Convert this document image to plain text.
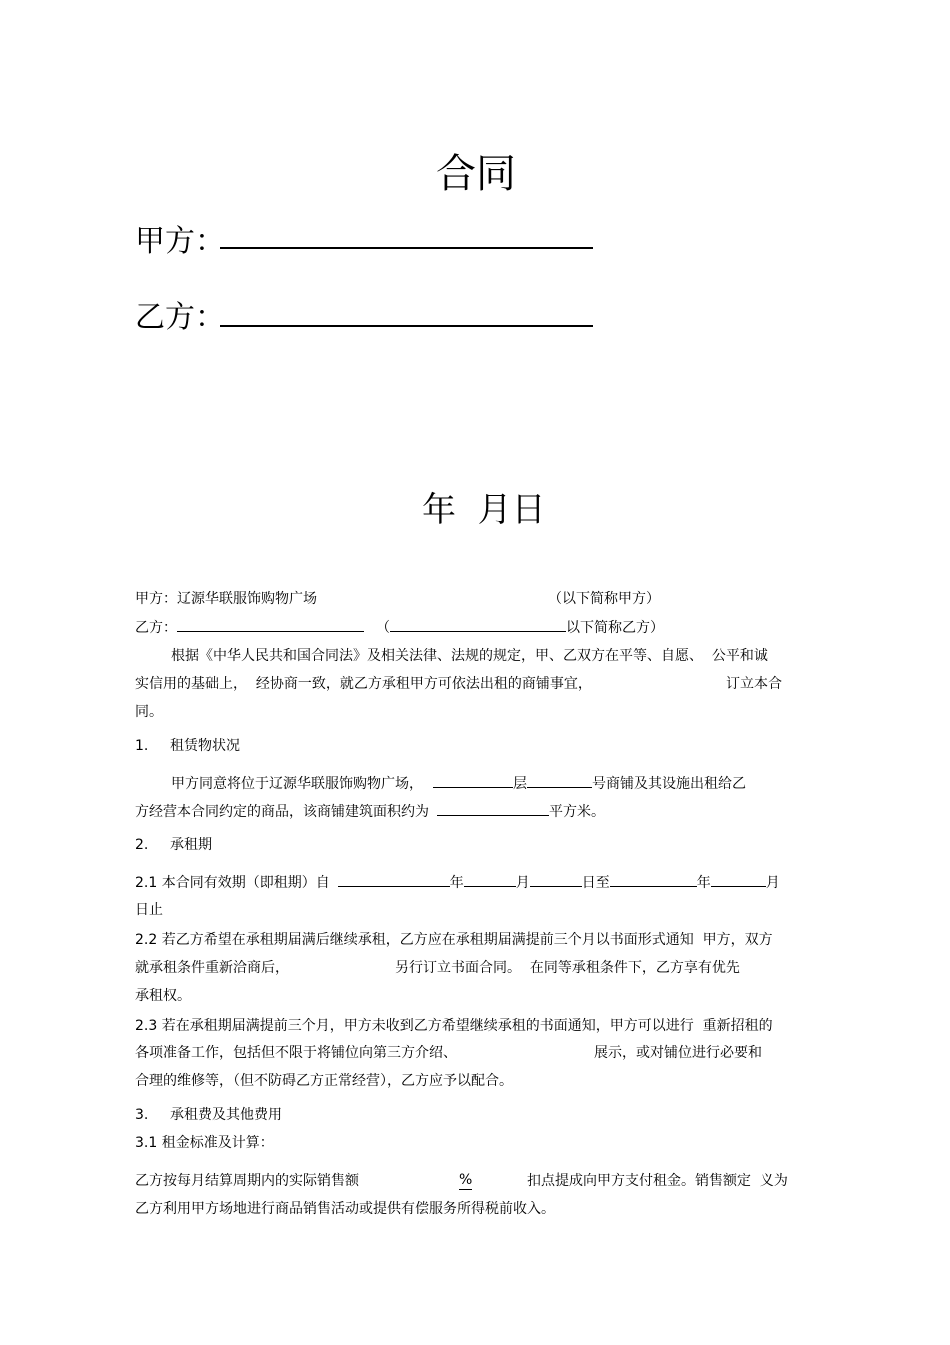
合同
甲方：
乙方：
年  月日
甲方：辽源华联服饰购物广场	（以下简称甲方）
乙方：	（	以下简称乙方）
根据《中华人民共和国合同法》及相关法律、法规的规定，甲、乙双方在平等、自愿、  公平和诚
实信用的基础上，  经协商一致，就乙方承租甲方可依法出租的商铺事宜，	订立本合
同。
1. 租赁物状况
甲方同意将位于辽源华联服饰购物广场，	层	号商铺及其设施出租给乙
方经营本合同约定的商品，该商铺建筑面积约为	平方米。
2. 承租期
2.1 本合同有效期（即租期）自	年	月	日至	年	月
日止
2.2 若乙方希望在承租期届满后继续承租，乙方应在承租期届满提前三个月以书面形式通知  甲方，双方
就承租条件重新洽商后，	另行订立书面合同。  在同等承租条件下，乙方享有优先
承租权。
2.3 若在承租期届满提前三个月，甲方未收到乙方希望继续承租的书面通知，甲方可以进行  重新招租的
各项准备工作，包括但不限于将铺位向第三方介绍、	展示，或对铺位进行必要和
合理的维修等，（但不防碍乙方正常经营），乙方应予以配合。
3. 承租费及其他费用
3.1 租金标准及计算：
乙方按每月结算周期内的实际销售额	%	扣点提成向甲方支付租金。销售额定  义为
乙方利用甲方场地进行商品销售活动或提供有偿服务所得税前收入。
